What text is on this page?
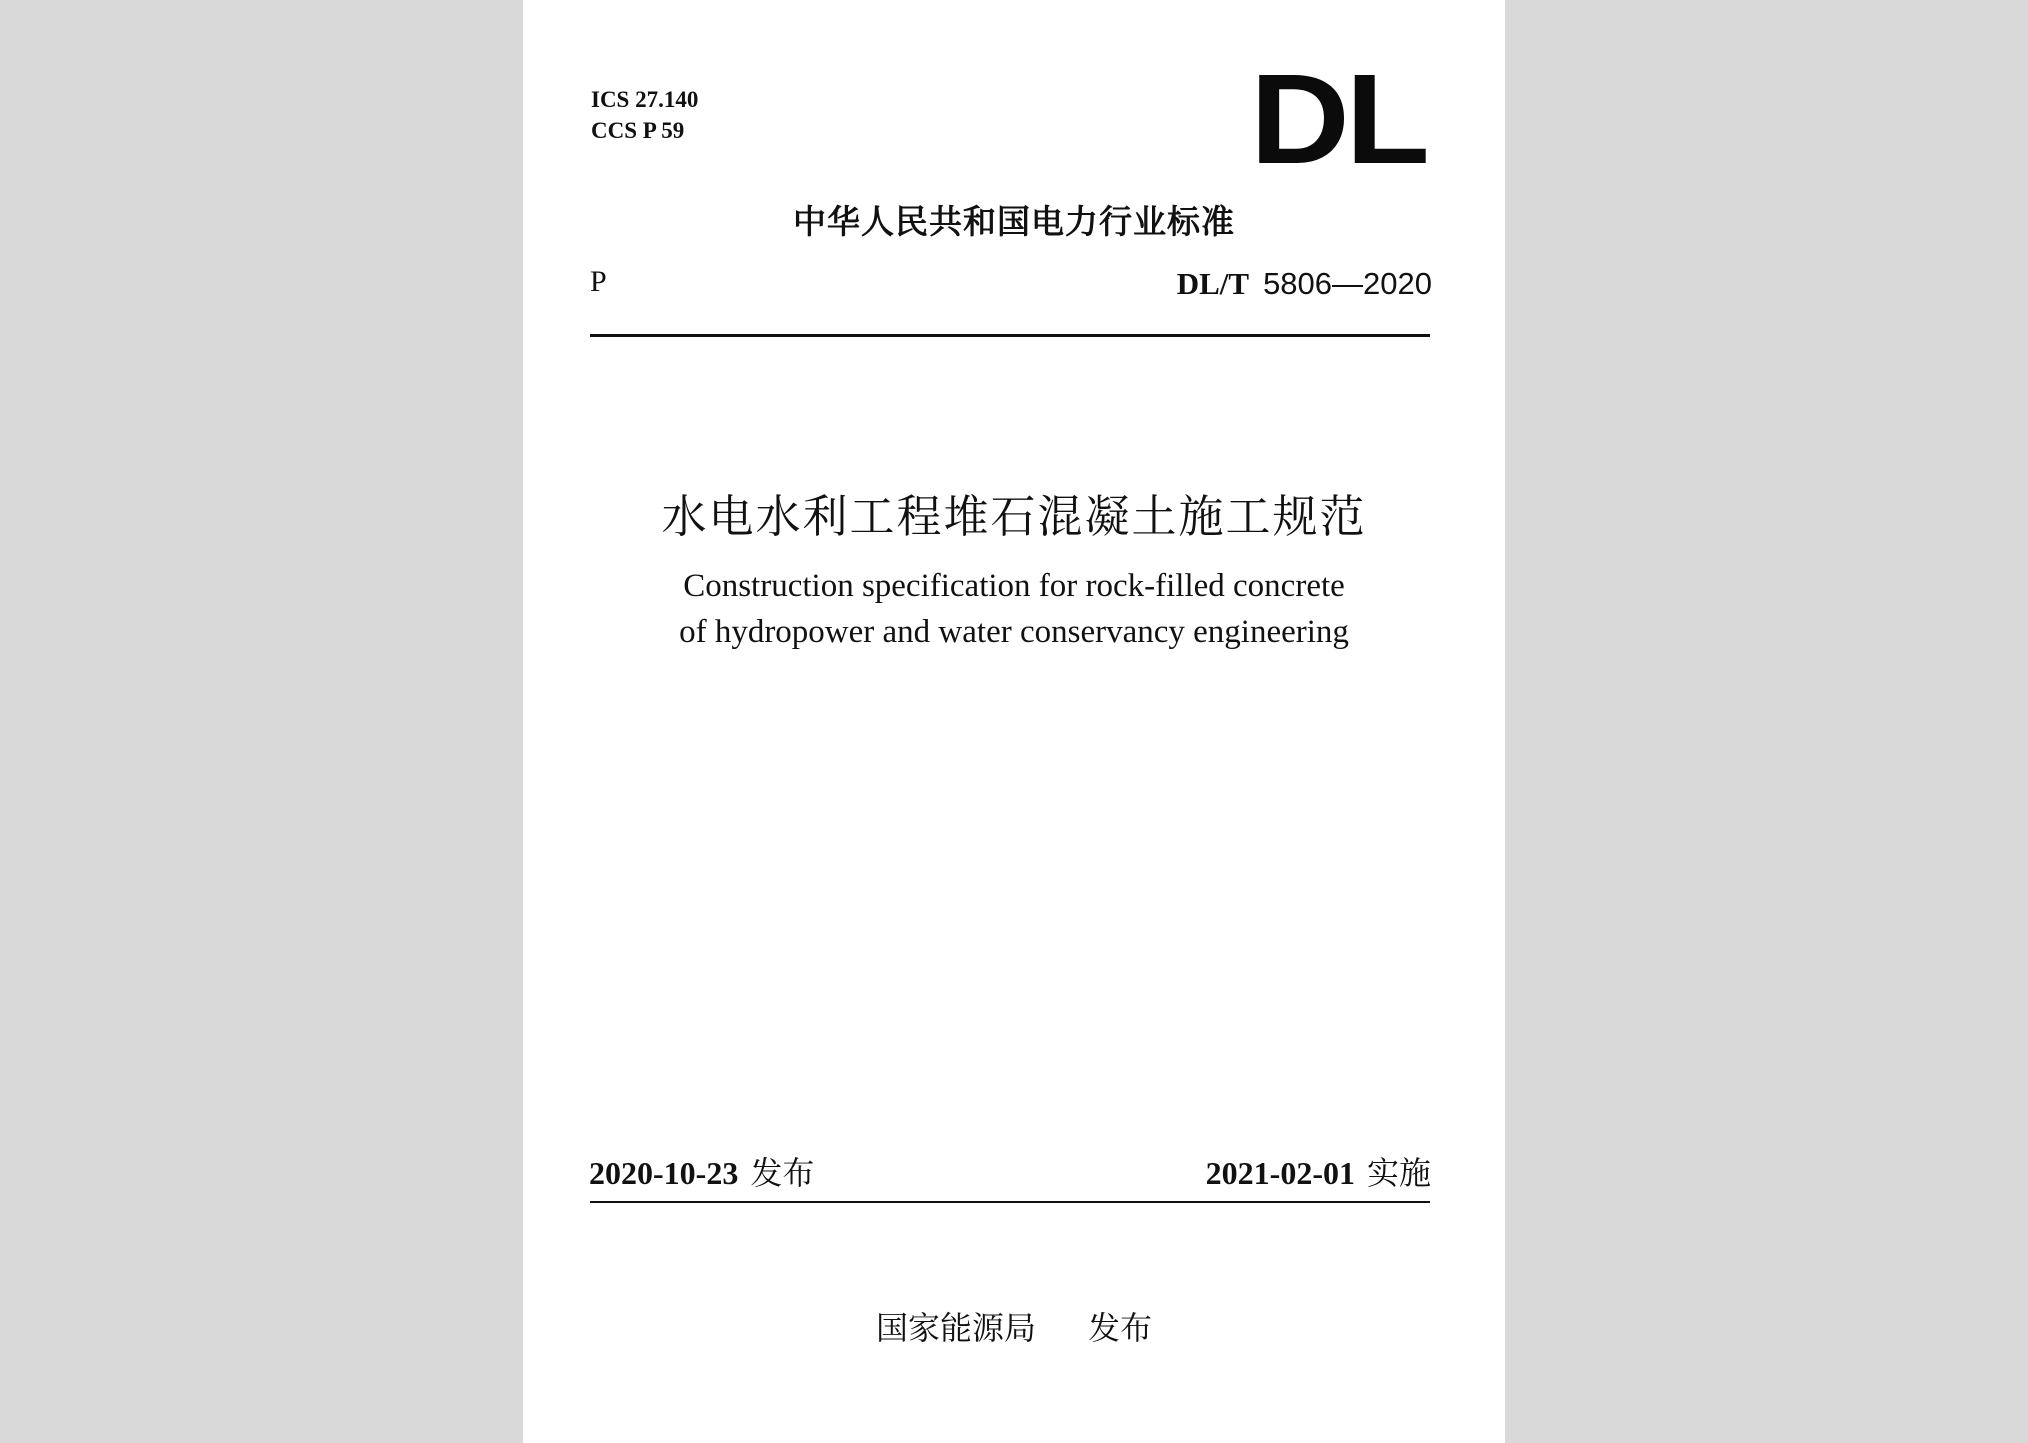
ICS 27.140
CCS P 59	DL
中华人民共和国电力行业标准
P	DL/T 5806—2020
水电水利工程堆石混凝土施工规范
Construction specification for rock-filled concrete
of hydropower and water conservancy engineering
2020-10-23 发布	2021-02-01 实施
国家能源局 发布
